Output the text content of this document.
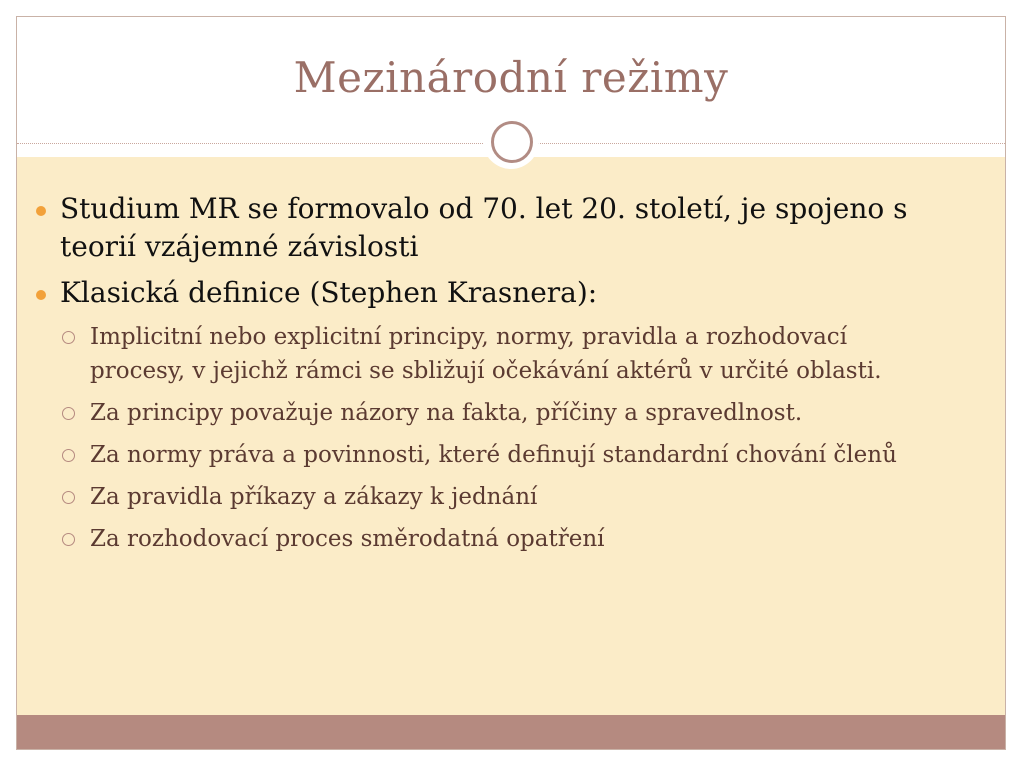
Mezinárodní režimy
Studium MR se formovalo od 70. let 20. století, je spojeno s teorií vzájemné závislosti
Klasická definice (Stephen Krasnera):
Implicitní nebo explicitní principy, normy, pravidla a rozhodovací procesy, v jejichž rámci se sbližují očekávání aktérů v určité oblasti.
Za principy považuje názory na fakta, příčiny a spravedlnost.
Za normy práva a povinnosti, které definují standardní chování členů
Za pravidla příkazy a zákazy k jednání
Za rozhodovací proces směrodatná opatření
